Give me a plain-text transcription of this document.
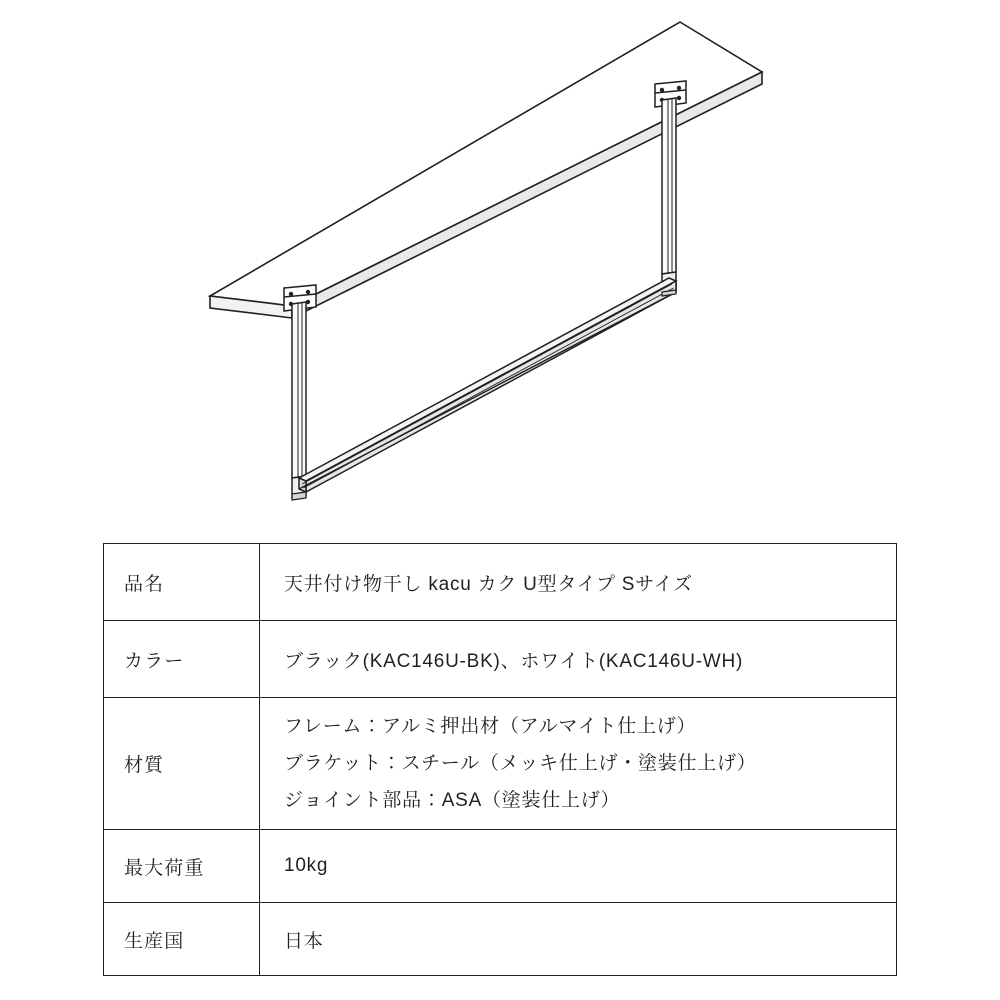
品名	天井付け物干し kacu カク U型タイプ Sサイズ

カラー	ブラック(KAC146U-BK)、ホワイト(KAC146U-WH)

材質	フレーム：アルミ押出材（アルマイト仕上げ）
ブラケット：スチール（メッキ仕上げ・塗装仕上げ）
ジョイント部品：ASA（塗装仕上げ）

最大荷重	10kg

生産国	日本
